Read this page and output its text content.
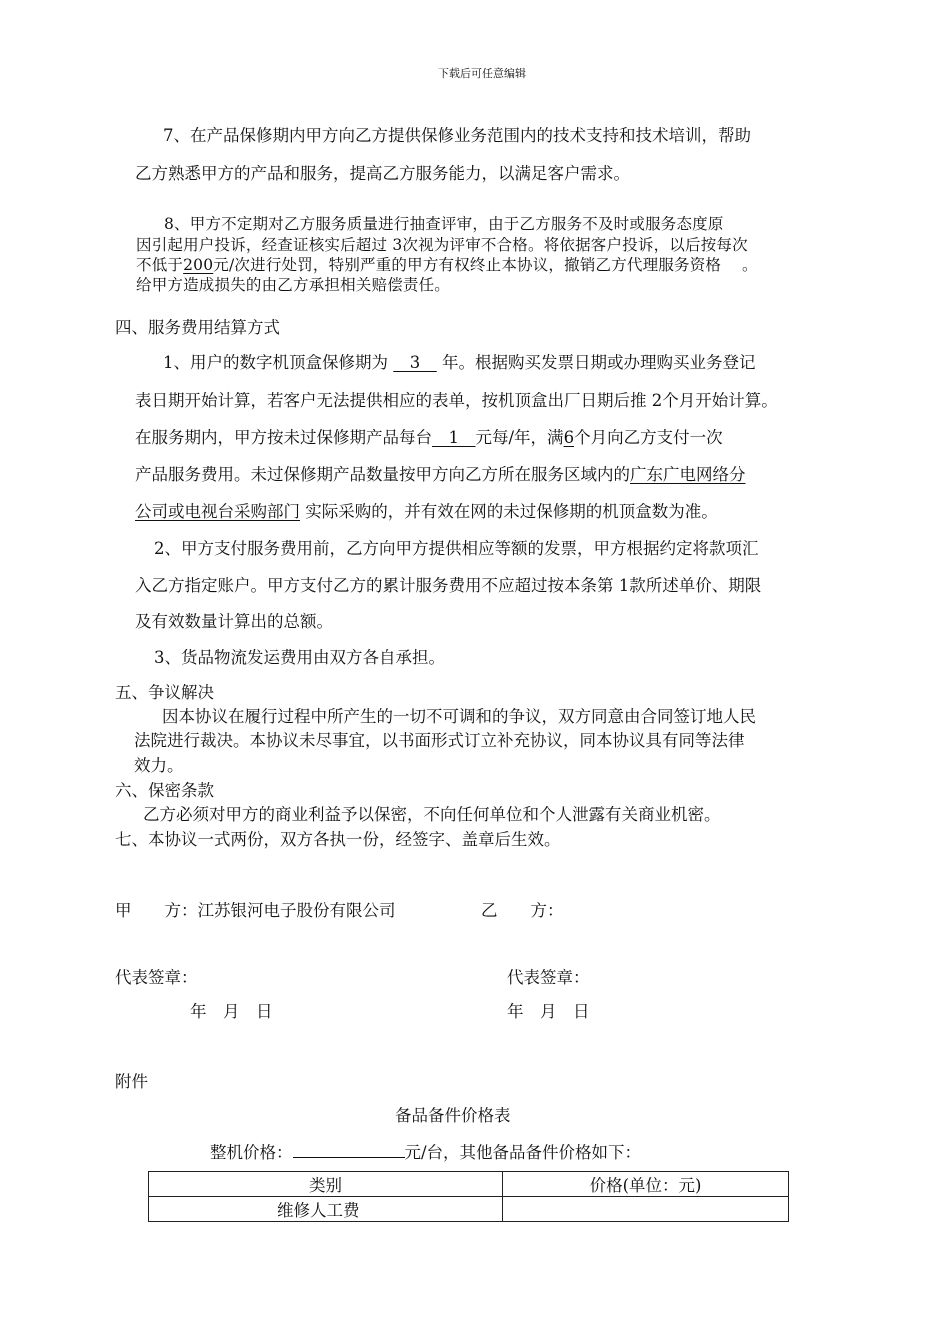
下载后可任意编辑
7、在产品保修期内甲方向乙方提供保修业务范围内的技术支持和技术培训，帮助
乙方熟悉甲方的产品和服务，提高乙方服务能力，以满足客户需求。
8、甲方不定期对乙方服务质量进行抽查评审，由于乙方服务不及时或服务态度原
因引起用户投诉，经查证核实后超过 3次视为评审不合格。将依据客户投诉，以后按每次
不低于200元/次进行处罚，特别严重的甲方有权终止本协议，撤销乙方代理服务资格　 。
给甲方造成损失的由乙方承担相关赔偿责任。
四、服务费用结算方式
1、用户的数字机顶盒保修期为 　3　 年。根据购买发票日期或办理购买业务登记
表日期开始计算，若客户无法提供相应的表单，按机顶盒出厂日期后推 2个月开始计算。
在服务期内，甲方按未过保修期产品每台　1　元每/年，满6个月向乙方支付一次
产品服务费用。未过保修期产品数量按甲方向乙方所在服务区域内的广东广电网络分
公司或电视台采购部门 实际采购的，并有效在网的未过保修期的机顶盒数为准。
2、甲方支付服务费用前，乙方向甲方提供相应等额的发票，甲方根据约定将款项汇
入乙方指定账户。甲方支付乙方的累计服务费用不应超过按本条第 1款所述单价、期限
及有效数量计算出的总额。
3、货品物流发运费用由双方各自承担。
五、争议解决
因本协议在履行过程中所产生的一切不可调和的争议，双方同意由合同签订地人民
法院进行裁决。本协议未尽事宜，以书面形式订立补充协议，同本协议具有同等法律
效力。
六、保密条款
乙方必须对甲方的商业利益予以保密，不向任何单位和个人泄露有关商业机密。
七、本协议一式两份，双方各执一份，经签字、盖章后生效。
甲　　方：江苏银河电子股份有限公司	乙　　方：
代表签章：	代表签章：
年　月　日	年　月　日
附件
备品备件价格表
整机价格：	元/台，其他备品备件价格如下：
类别	价格(单位：元)
维修人工费	
